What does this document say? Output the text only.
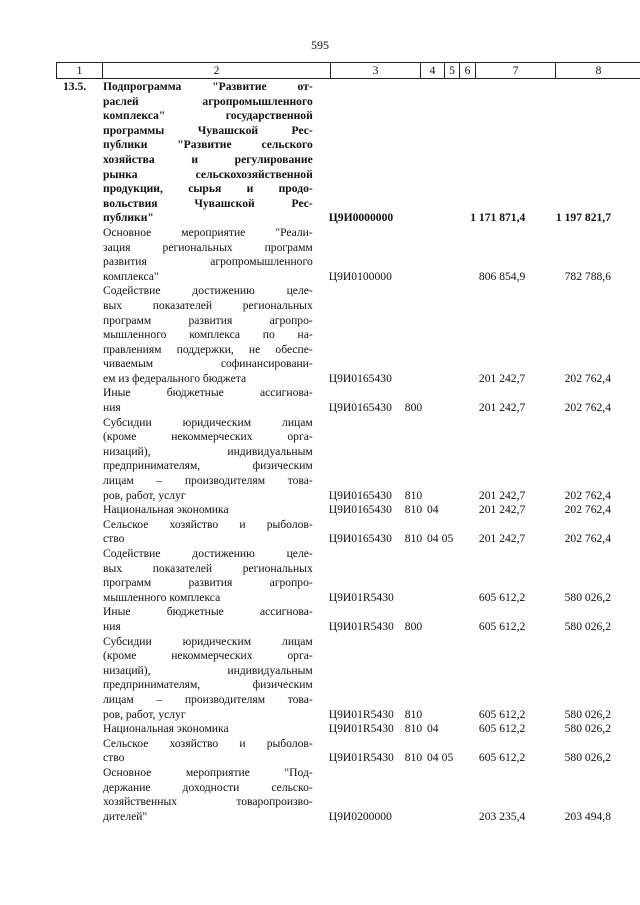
595
1	2	3	4	5	6	7	8
13.5.	Подпрограмма "Развитие от-
раслей агропромышленного
комплекса" государственной
программы Чувашской Рес-
публики "Развитие сельского
хозяйства и регулирование
рынка сельскохозяйственной
продукции, сырья и продо-
вольствия Чувашской Рес-
публики"	Ц9И0000000	1 171 871,4	1 197 821,7
Основное мероприятие "Реали-
зация региональных программ
развития агропромышленного
комплекса"	Ц9И0100000	806 854,9	782 788,6
Содействие достижению целе-
вых показателей региональных
программ развития агропро-
мышленного комплекса по на-
правлениям поддержки, не обеспе-
чиваемым софинансировани-
ем из федерального бюджета	Ц9И0165430	201 242,7	202 762,4
Иные бюджетные ассигнова-
ния	Ц9И0165430	800	201 242,7	202 762,4
Субсидии юридическим лицам
(кроме некоммерческих орга-
низаций), индивидуальным
предпринимателям, физическим
лицам – производителям това-
ров, работ, услуг	Ц9И0165430	810	201 242,7	202 762,4
Национальная экономика	Ц9И0165430	810 04	201 242,7	202 762,4
Сельское хозяйство и рыболов-
ство	Ц9И0165430	810 04 05	201 242,7	202 762,4
Содействие достижению целе-
вых показателей региональных
программ развития агропро-
мышленного комплекса	Ц9И01R5430	605 612,2	580 026,2
Иные бюджетные ассигнова-
ния	Ц9И01R5430 800	605 612,2	580 026,2
Субсидии юридическим лицам
(кроме некоммерческих орга-
низаций), индивидуальным
предпринимателям, физическим
лицам – производителям това-
ров, работ, услуг	Ц9И01R5430 810	605 612,2	580 026,2
Национальная экономика	Ц9И01R5430 810 04	605 612,2	580 026,2
Сельское хозяйство и рыболов-
ство	Ц9И01R5430 810 04 05	605 612,2	580 026,2
Основное мероприятие "Под-
держание доходности сельско-
хозяйственных товаропроизво-
дителей"	Ц9И0200000	203 235,4	203 494,8
